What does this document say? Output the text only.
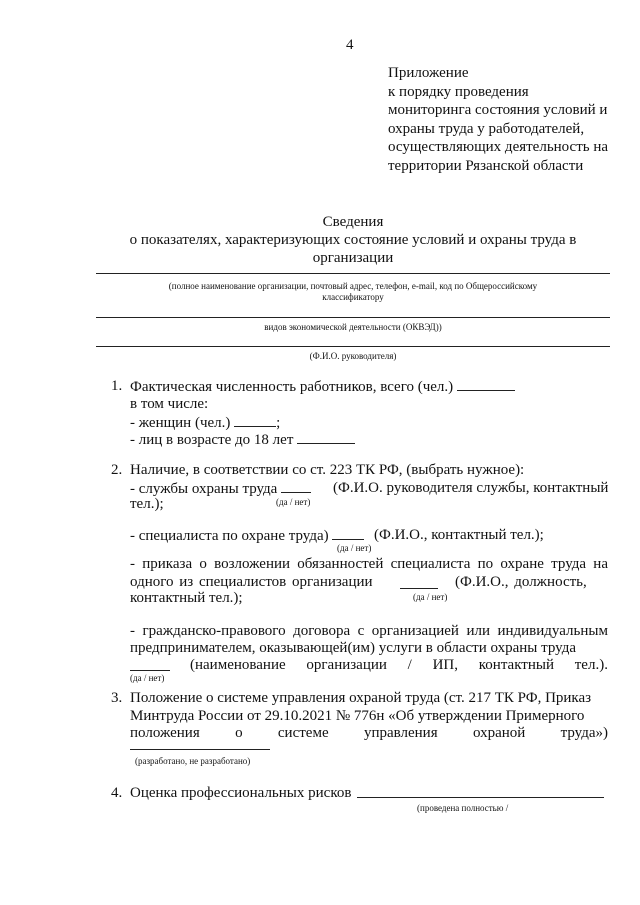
4
Приложение
к порядку проведения
мониторинга состояния условий и
охраны труда у работодателей,
осуществляющих деятельность на
территории Рязанской области
Сведения
о показателях, характеризующих состояние условий и охраны труда в
организации
(полное наименование организации, почтовый адрес, телефон, e-mail, код по Общероссийскому
классификатору
видов экономической деятельности (ОКВЭД))
(Ф.И.О. руководителя)
1. Фактическая численность работников, всего (чел.)
в том числе:
- женщин (чел.)	;
- лиц в возрасте до 18 лет
2. Наличие, в соответствии со ст. 223 ТК РФ, (выбрать нужное):
- службы охраны труда	(Ф.И.О. руководителя службы, контактный
тел.);	(да / нет)
- специалиста по охране труда)	(Ф.И.О., контактный тел.);
(да / нет)
- приказа о возложении обязанностей специалиста по охране труда на
одного из специалистов организации	(Ф.И.О., должность,
контактный тел.);	(да / нет)
- гражданско-правового договора с организацией или индивидуальным
предпринимателем, оказывающей(им) услуги в области охраны труда
(наименование организации / ИП, контактный тел.).
(да / нет)
3. Положение о системе управления охраной труда (ст. 217 ТК РФ, Приказ
Минтруда России от 29.10.2021 № 776н «Об утверждении Примерного
положения о системе управления охраной труда»)
(разработано, не разработано)
4. Оценка профессиональных рисков
(проведена полностью /
